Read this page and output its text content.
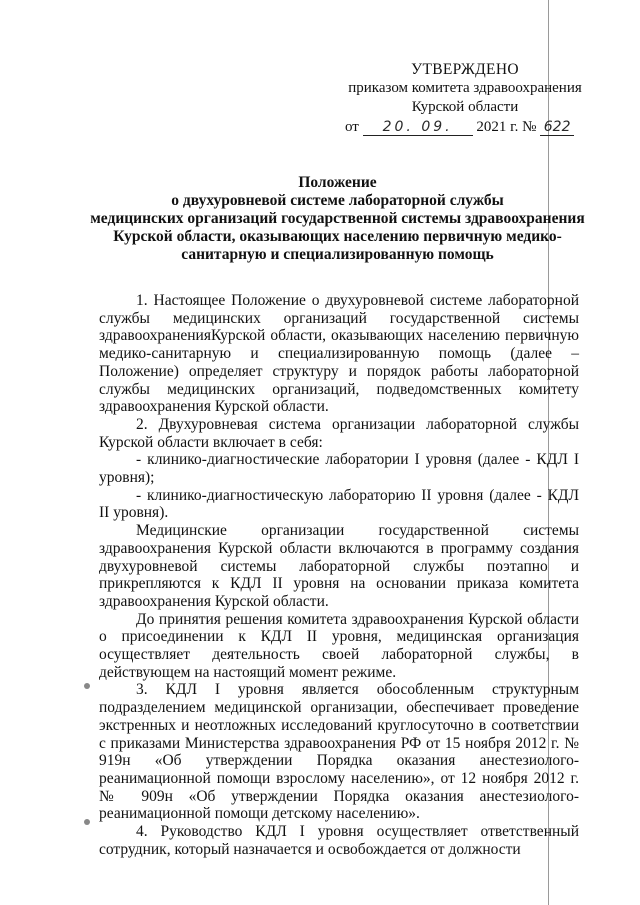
УТВЕРЖДЕНО
приказом комитета здравоохранения
Курской области
от 20. 09. 2021 г. № 622
Положение
о двухуровневой системе лабораторной службы
медицинских организаций государственной системы здравоохранения
Курской области, оказывающих населению первичную медико-
санитарную и специализированную помощь

1. Настоящее Положение о двухуровневой системе лабораторной службы медицинских организаций государственной системы здравоохраненияКурской области, оказывающих населению первичную медико-санитарную и специализированную помощь (далее – Положение) определяет структуру и порядок работы лабораторной службы медицинских организаций, подведомственных комитету здравоохранения Курской области.

2. Двухуровневая система организации лабораторной службы Курской области включает в себя:

- клинико-диагностические лаборатории I уровня (далее - КДЛ I уровня);

- клинико-диагностическую лабораторию II уровня (далее - КДЛ II уровня).

Медицинские организации государственной системы здравоохранения Курской области включаются в программу создания двухуровневой системы лабораторной службы поэтапно и прикрепляются к КДЛ II уровня на основании приказа комитета здравоохранения Курской области.

До принятия решения комитета здравоохранения Курской области о присоединении к КДЛ II уровня, медицинская организация осуществляет деятельность своей лабораторной службы, в действующем на настоящий момент режиме.

3. КДЛ I уровня является обособленным структурным подразделением медицинской организации, обеспечивает проведение экстренных и неотложных исследований круглосуточно в соответствии с приказами Министерства здравоохранения РФ от 15 ноября 2012 г. № 919н «Об утверждении Порядка оказания анестезиолого-реанимационной помощи взрослому населению», от 12 ноября 2012 г. № 909н «Об утверждении Порядка оказания анестезиолого-реанимационной помощи детскому населению».

4. Руководство КДЛ I уровня осуществляет ответственный сотрудник, который назначается и освобождается от должности
